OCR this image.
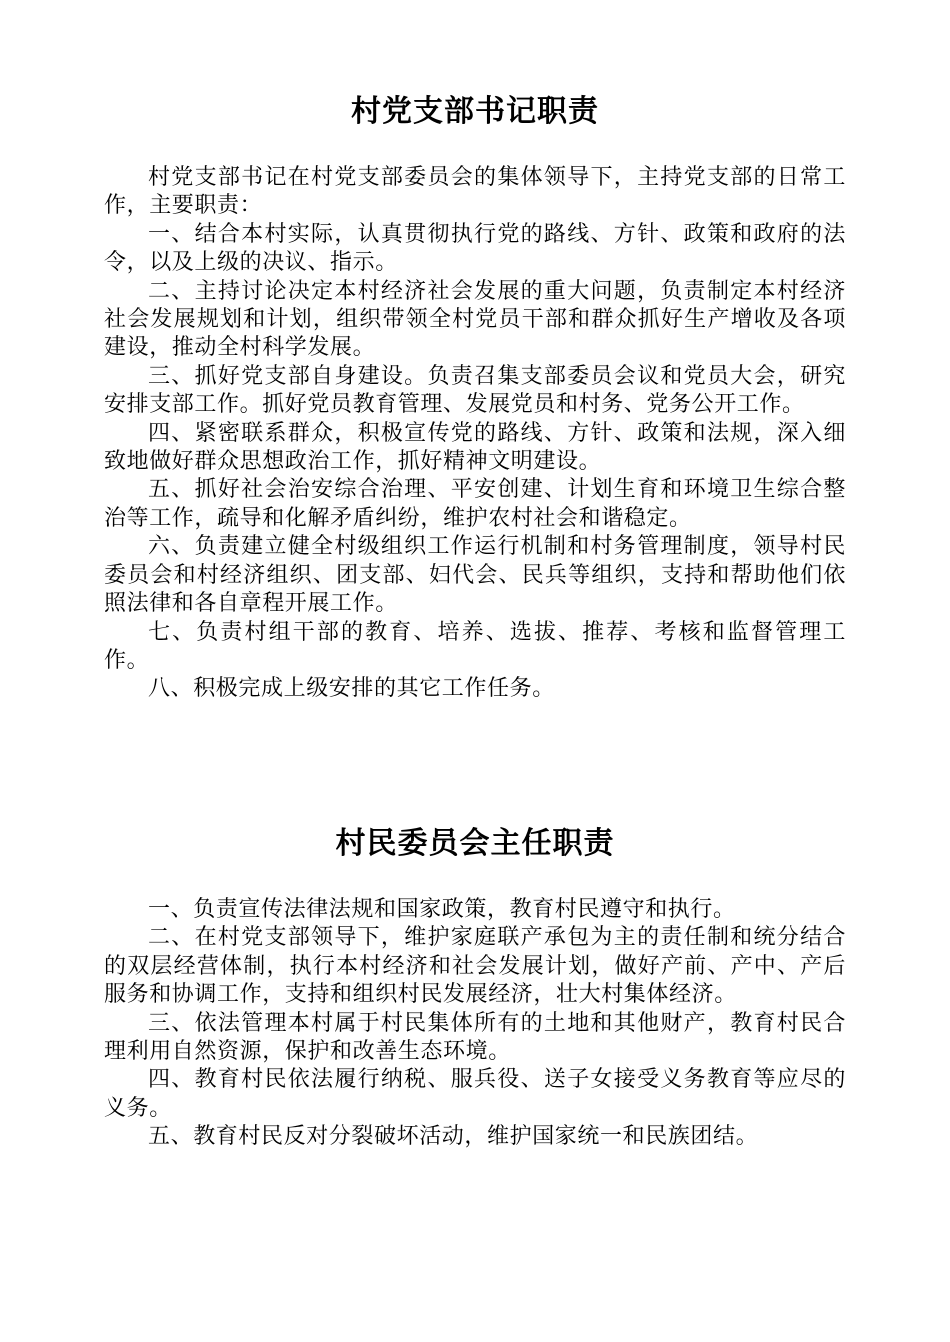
村党支部书记职责

村党支部书记在村党支部委员会的集体领导下，主持党支部的日常工作，主要职责：

一、结合本村实际，认真贯彻执行党的路线、方针、政策和政府的法令，以及上级的决议、指示。

二、主持讨论决定本村经济社会发展的重大问题，负责制定本村经济社会发展规划和计划，组织带领全村党员干部和群众抓好生产增收及各项建设，推动全村科学发展。

三、抓好党支部自身建设。负责召集支部委员会议和党员大会，研究安排支部工作。抓好党员教育管理、发展党员和村务、党务公开工作。

四、紧密联系群众，积极宣传党的路线、方针、政策和法规，深入细致地做好群众思想政治工作，抓好精神文明建设。

五、抓好社会治安综合治理、平安创建、计划生育和环境卫生综合整治等工作，疏导和化解矛盾纠纷，维护农村社会和谐稳定。

六、负责建立健全村级组织工作运行机制和村务管理制度，领导村民委员会和村经济组织、团支部、妇代会、民兵等组织，支持和帮助他们依照法律和各自章程开展工作。

七、负责村组干部的教育、培养、选拔、推荐、考核和监督管理工作。

八、积极完成上级安排的其它工作任务。

村民委员会主任职责

一、负责宣传法律法规和国家政策，教育村民遵守和执行。

二、在村党支部领导下，维护家庭联产承包为主的责任制和统分结合的双层经营体制，执行本村经济和社会发展计划，做好产前、产中、产后服务和协调工作，支持和组织村民发展经济，壮大村集体经济。

三、依法管理本村属于村民集体所有的土地和其他财产，教育村民合理利用自然资源，保护和改善生态环境。

四、教育村民依法履行纳税、服兵役、送子女接受义务教育等应尽的义务。

五、教育村民反对分裂破坏活动，维护国家统一和民族团结。
